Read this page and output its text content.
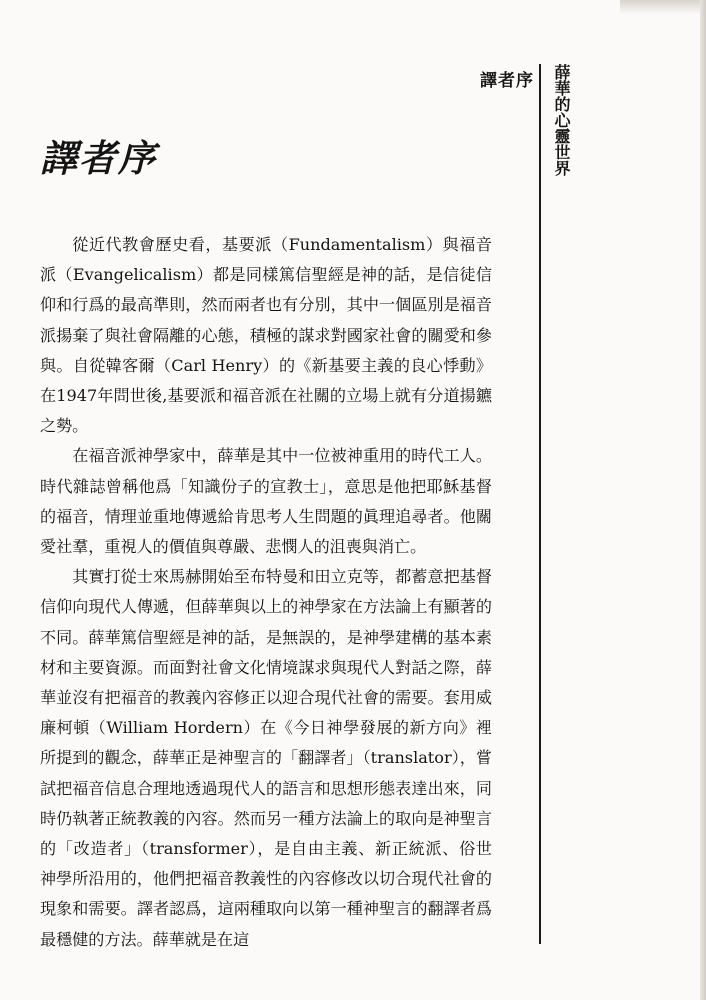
譯者序 薛華的心靈世界
譯者序

從近代教會歷史看，基要派（Fundamentalism）與福音派（Evangelicalism）都是同樣篤信聖經是神的話，是信徒信仰和行爲的最高準則，然而兩者也有分別，其中一個區別是福音派揚棄了與社會隔離的心態，積極的謀求對國家社會的關愛和參與。自從韓客爾（Carl Henry）的《新基要主義的良心悸動》在1947年問世後,基要派和福音派在社關的立場上就有分道揚鑣之勢。

在福音派神學家中，薛華是其中一位被神重用的時代工人。時代雜誌曾稱他爲「知識份子的宣教士」，意思是他把耶穌基督的福音，情理並重地傳遞給肯思考人生問題的眞理追尋者。他關愛社羣，重視人的價值與尊嚴、悲憫人的沮喪與消亡。

其實打從士來馬赫開始至布特曼和田立克等，都蓄意把基督信仰向現代人傳遞，但薛華與以上的神學家在方法論上有顯著的不同。薛華篤信聖經是神的話，是無誤的，是神學建構的基本素材和主要資源。而面對社會文化情境謀求與現代人對話之際，薛華並沒有把福音的教義內容修正以迎合現代社會的需要。套用威廉柯頓（William Hordern）在《今日神學發展的新方向》裡所提到的觀念，薛華正是神聖言的「翻譯者」（translator），嘗試把福音信息合理地透過現代人的語言和思想形態表達出來，同時仍執著正統教義的內容。然而另一種方法論上的取向是神聖言的「改造者」（transformer），是自由主義、新正統派、俗世神學所沿用的，他們把福音教義性的內容修改以切合現代社會的現象和需要。譯者認爲，這兩種取向以第一種神聖言的翻譯者爲最穩健的方法。薛華就是在這
